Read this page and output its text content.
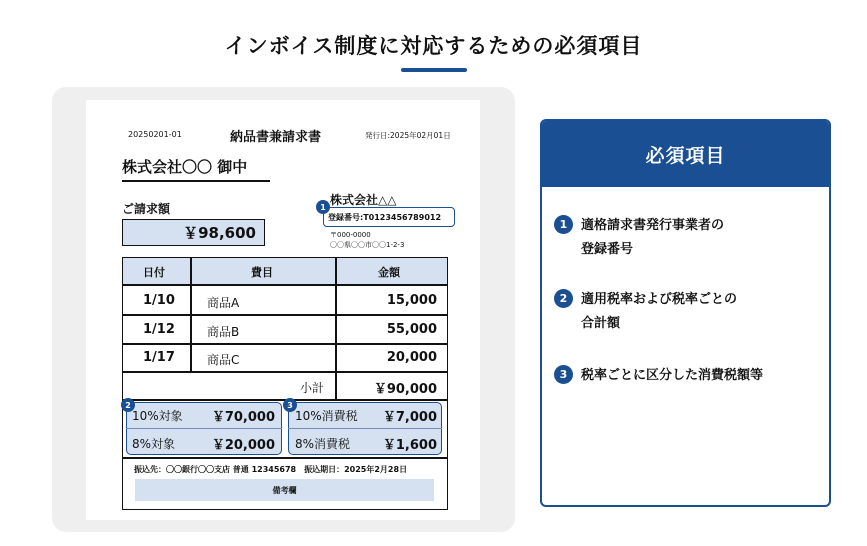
インボイス制度に対応するための必須項目
20250201-01	納品書兼請求書	発行日:2025年02月01日
株式会社〇〇 御中
ご請求額
￥98,600
株式会社△△
登録番号:T0123456789012
1
〒000-0000
〇〇県〇〇市〇〇1-2-3
日付	費目	金額
1/10	商品A	15,000
1/12	商品B	55,000
1/17	商品C	20,000
小計	￥90,000
10%対象 ￥70,000
8%対象	￥20,000
2
10%消費税 ￥7,000
8%消費税	￥1,600
3
振込先：〇〇銀行〇〇支店 普通 12345678　振込期日：2025年2月28日
備考欄
必須項目
1	適格請求書発行事業者の
登録番号
2	適用税率および税率ごとの
合計額
3	税率ごとに区分した消費税額等
